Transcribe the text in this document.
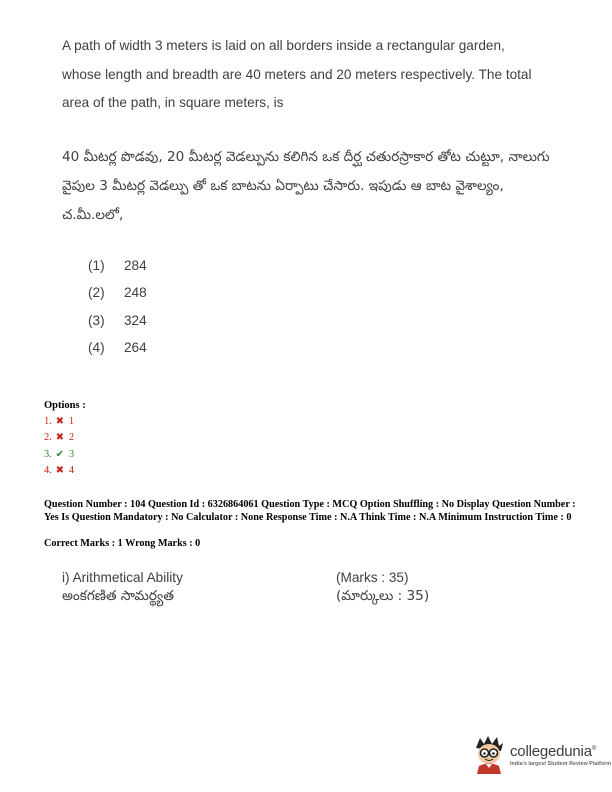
A path of width 3 meters is laid on all borders inside a rectangular garden, whose length and breadth are 40 meters and 20 meters respectively. The total area of the path, in square meters, is

40 మీటర్ల పొడవు, 20 మీటర్ల వెడల్పును కలిగిన ఒక దీర్ఘ చతురస్రాకార తోట చుట్టూ, నాలుగు వైపుల 3 మీటర్ల వెడల్పు తో ఒక బాటను ఏర్పాటు చేసారు. ఇపుడు ఆ బాట వైశాల్యం, చ.మీ.లలో,

(1)	284
(2)	248
(3)	324
(4)	264
Options :
1. ✖ 1
2. ✖ 2
3. ✔ 3
4. ✖ 4

Question Number : 104 Question Id : 6326864061 Question Type : MCQ Option Shuffling : No Display Question Number : Yes Is Question Mandatory : No Calculator : None Response Time : N.A Think Time : N.A Minimum Instruction Time : 0

Correct Marks : 1 Wrong Marks : 0
i) Arithmetical Ability	(Marks : 35)
అంకగణిత సామర్థ్యత	(మార్కులు : 35)
collegedunia®
India's largest Student Review Platform
